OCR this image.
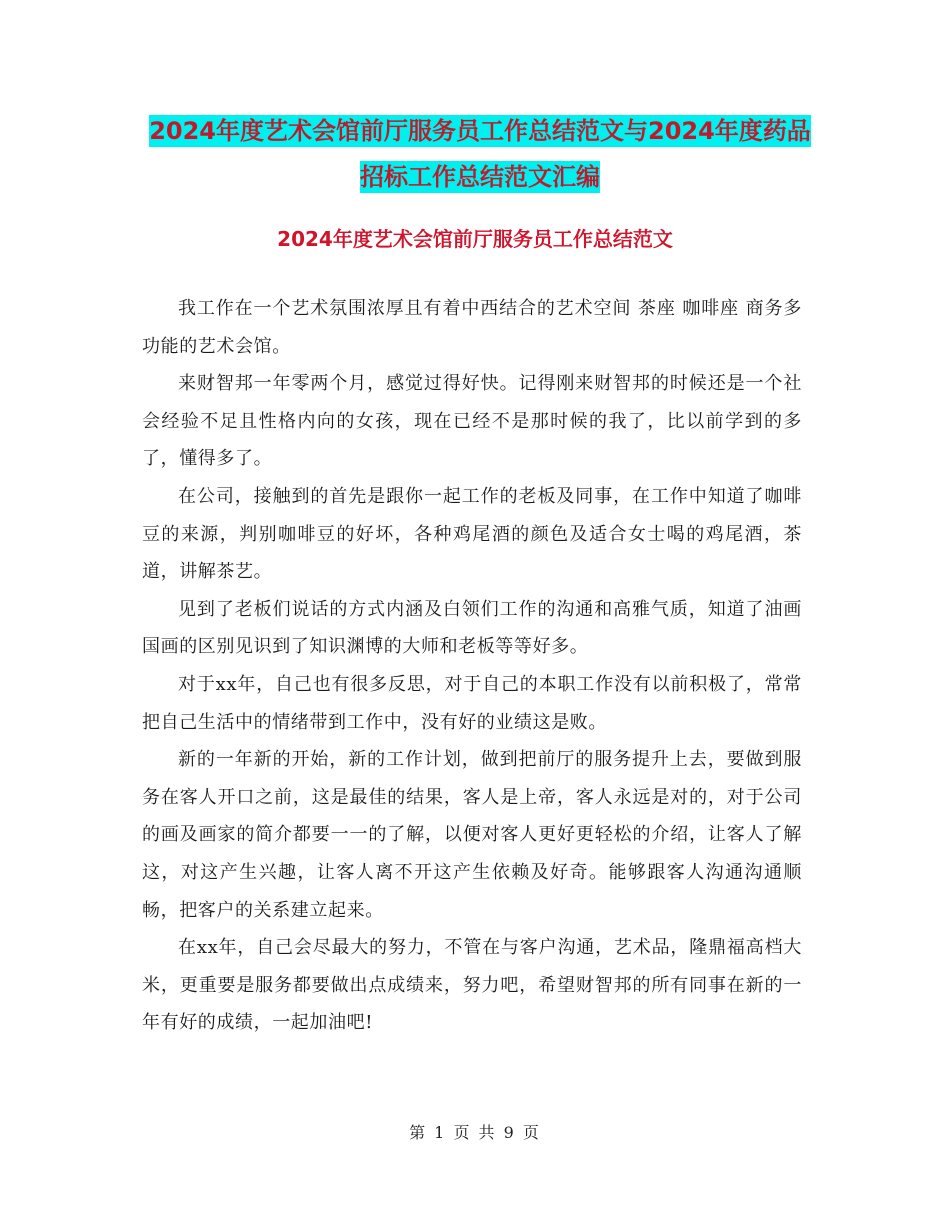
2024年度艺术会馆前厅服务员工作总结范文与2024年度药品招标工作总结范文汇编
2024年度艺术会馆前厅服务员工作总结范文

我工作在一个艺术氛围浓厚且有着中西结合的艺术空间 茶座 咖啡座 商务多功能的艺术会馆。

来财智邦一年零两个月，感觉过得好快。记得刚来财智邦的时候还是一个社会经验不足且性格内向的女孩，现在已经不是那时候的我了，比以前学到的多了，懂得多了。

在公司，接触到的首先是跟你一起工作的老板及同事，在工作中知道了咖啡豆的来源，判别咖啡豆的好坏，各种鸡尾酒的颜色及适合女士喝的鸡尾酒，茶道，讲解茶艺。

见到了老板们说话的方式内涵及白领们工作的沟通和高雅气质，知道了油画国画的区别见识到了知识渊博的大师和老板等等好多。

对于xx年，自己也有很多反思，对于自己的本职工作没有以前积极了，常常把自己生活中的情绪带到工作中，没有好的业绩这是败。

新的一年新的开始，新的工作计划，做到把前厅的服务提升上去，要做到服务在客人开口之前，这是最佳的结果，客人是上帝，客人永远是对的，对于公司的画及画家的简介都要一一的了解，以便对客人更好更轻松的介绍，让客人了解这，对这产生兴趣，让客人离不开这产生依赖及好奇。能够跟客人沟通沟通顺畅，把客户的关系建立起来。

在xx年，自己会尽最大的努力，不管在与客户沟通，艺术品，隆鼎福高档大米，更重要是服务都要做出点成绩来，努力吧，希望财智邦的所有同事在新的一年有好的成绩，一起加油吧!

第 1 页 共 9 页
